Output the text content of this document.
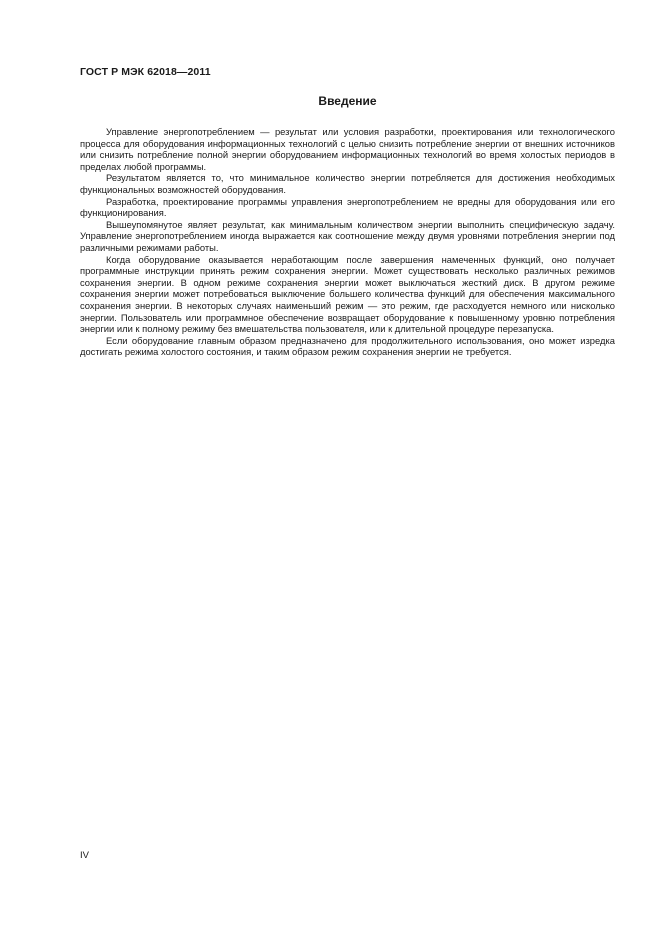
ГОСТ Р МЭК 62018—2011
Введение

Управление энергопотреблением — результат или условия разработки, проектирования или технологического процесса для оборудования информационных технологий с целью снизить потребление энергии от внешних источников или снизить потребление полной энергии оборудованием информационных технологий во время холостых периодов в пределах любой программы.

Результатом является то, что минимальное количество энергии потребляется для достижения необходимых функциональных возможностей оборудования.

Разработка, проектирование программы управления энергопотреблением не вредны для оборудования или его функционирования.

Вышеупомянутое являет результат, как минимальным количеством энергии выполнить специфическую задачу. Управление энергопотреблением иногда выражается как соотношение между двумя уровнями потребления энергии под различными режимами работы.

Когда оборудование оказывается неработающим после завершения намеченных функций, оно получает программные инструкции принять режим сохранения энергии. Может существовать несколько различных режимов сохранения энергии. В одном режиме сохранения энергии может выключаться жесткий диск. В другом режиме сохранения энергии может потребоваться выключение большего количества функций для обеспечения максимального сохранения энергии. В некоторых случаях наименьший режим — это режим, где расходуется немного или нисколько энергии. Пользователь или программное обеспечение возвращает оборудование к повышенному уровню потребления энергии или к полному режиму без вмешательства пользователя, или к длительной процедуре перезапуска.

Если оборудование главным образом предназначено для продолжительного использования, оно может изредка достигать режима холостого состояния, и таким образом режим сохранения энергии не требуется.

IV
